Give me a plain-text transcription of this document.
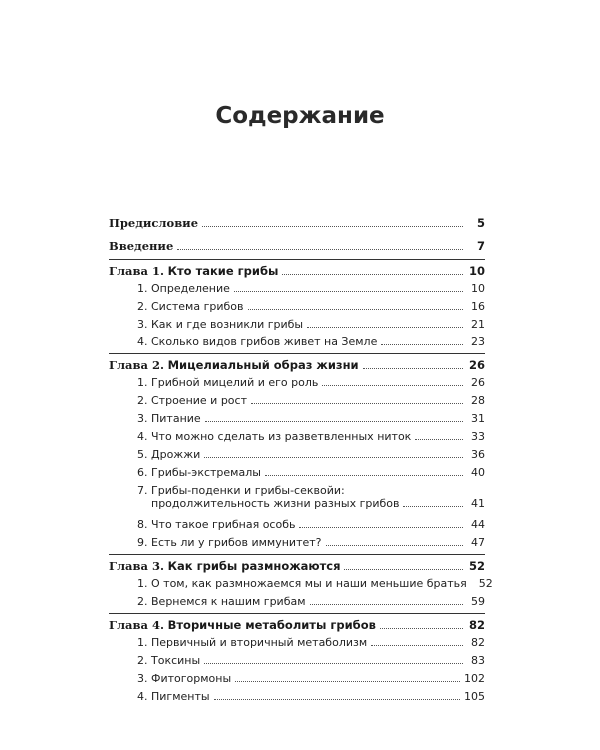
Содержание
Предисловие	5
Введение	7
Глава 1. Кто такие грибы	10
1. Определение	10
2. Система грибов	16
3. Как и где возникли грибы	21
4. Сколько видов грибов живет на Земле	23
Глава 2. Мицелиальный образ жизни	26
1. Грибной мицелий и его роль	26
2. Строение и рост	28
3. Питание	31
4. Что можно сделать из разветвленных ниток	33
5. Дрожжи	36
6. Грибы-экстремалы	40
7. Грибы-поденки и грибы-секвойи:
продолжительность жизни разных грибов	41
8. Что такое грибная особь	44
9. Есть ли у грибов иммунитет?	47
Глава 3. Как грибы размножаются	52
1. О том, как размножаемся мы и наши меньшие братья	52
2. Вернемся к нашим грибам	59
Глава 4. Вторичные метаболиты грибов	82
1. Первичный и вторичный метаболизм	82
2. Токсины	83
3. Фитогормоны	102
4. Пигменты	105
